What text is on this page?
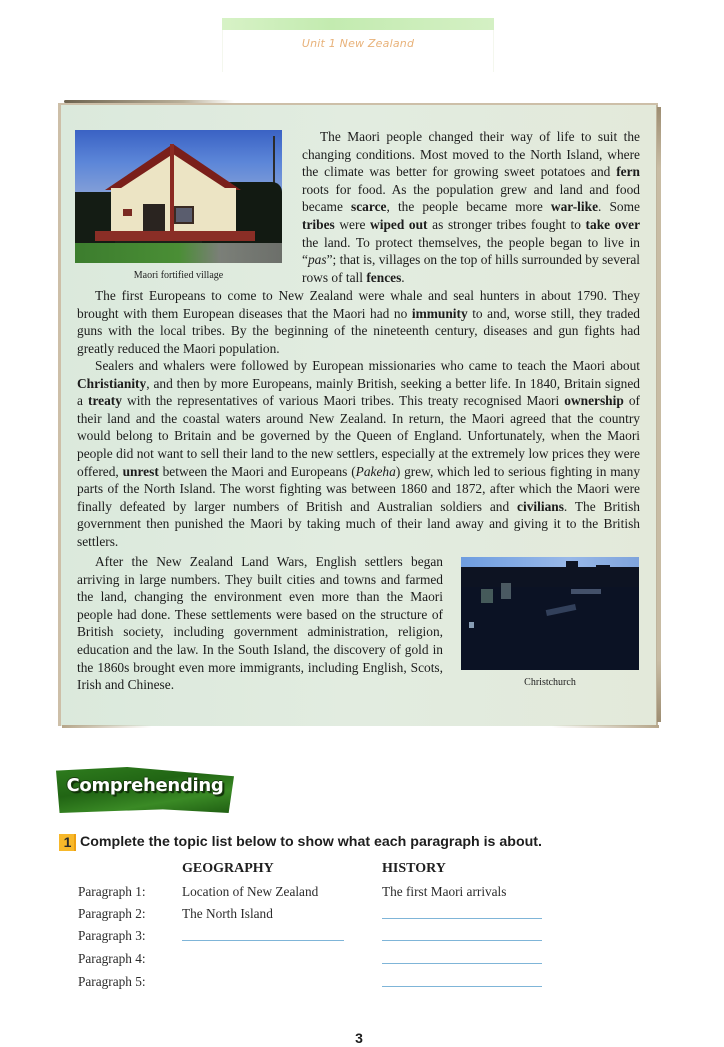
Unit 1 New Zealand
Maori fortified village

The Maori people changed their way of life to suit the changing conditions. Most moved to the North Island, where the climate was better for growing sweet potatoes and fern roots for food. As the population grew and land and food became scarce, the people became more war-like. Some tribes were wiped out as stronger tribes fought to take over the land. To protect themselves, the people began to live in “pas”; that is, villages on the top of hills surrounded by several rows of tall fences.

The first Europeans to come to New Zealand were whale and seal hunters in about 1790. They brought with them European diseases that the Maori had no immunity to and, worse still, they traded guns with the local tribes. By the beginning of the nineteenth century, diseases and gun fights had greatly reduced the Maori population.

Sealers and whalers were followed by European missionaries who came to teach the Maori about Christianity, and then by more Europeans, mainly British, seeking a better life. In 1840, Britain signed a treaty with the representatives of various Maori tribes. This treaty recognised Maori ownership of their land and the coastal waters around New Zealand. In return, the Maori agreed that the country would belong to Britain and be governed by the Queen of England. Unfortunately, when the Maori people did not want to sell their land to the new settlers, especially at the extremely low prices they were offered, unrest between the Maori and Europeans (Pakeha) grew, which led to serious fighting in many parts of the North Island. The worst fighting was between 1860 and 1872, after which the Maori were finally defeated by larger numbers of British and Australian soldiers and civilians. The British government then punished the Maori by taking much of their land away and giving it to the British settlers.

After the New Zealand Land Wars, English settlers began arriving in large numbers. They built cities and towns and farmed the land, changing the environment even more than the Maori people had done. These settlements were based on the structure of British society, including government administration, religion, education and the law. In the South Island, the discovery of gold in the 1860s brought even more immigrants, including English, Scots, Irish and Chinese.	Christchurch
Comprehending
1 Complete the topic list below to show what each paragraph is about.
GEOGRAPHY	HISTORY
Paragraph 1:	Location of New Zealand	The first Maori arrivals
Paragraph 2:	The North Island
Paragraph 3:
Paragraph 4:
Paragraph 5:
3
